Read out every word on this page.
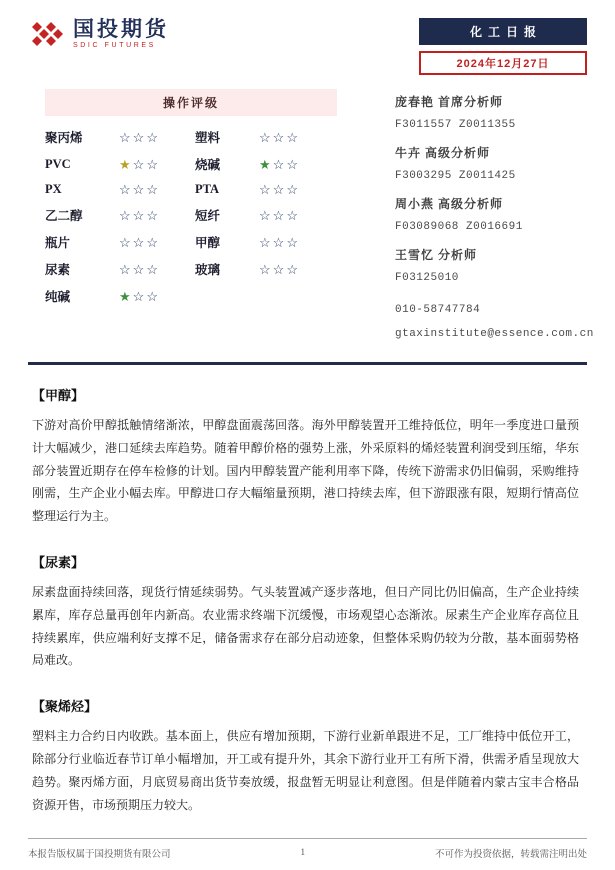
国投期货
SDIC FUTURES
化工日报
2024年12月27日
操作评级
聚丙烯	☆☆☆	塑料	☆☆☆
PVC	★☆☆	烧碱	★☆☆
PX	☆☆☆	PTA	☆☆☆
乙二醇	☆☆☆	短纤	☆☆☆
瓶片	☆☆☆	甲醇	☆☆☆
尿素	☆☆☆	玻璃	☆☆☆
纯碱	★☆☆
庞春艳 首席分析师
F3011557 Z0011355
牛卉 高级分析师
F3003295 Z0011425
周小燕 高级分析师
F03089068 Z0016691
王雪忆 分析师
F03125010
010-58747784
gtaxinstitute@essence.com.cn
【甲醇】
下游对高价甲醇抵触情绪渐浓，甲醇盘面震荡回落。海外甲醇装置开工维持低位，明年一季度进口量预计大幅减少，港口延续去库趋势。随着甲醇价格的强势上涨，外采原料的烯烃装置利润受到压缩，华东部分装置近期存在停车检修的计划。国内甲醇装置产能利用率下降，传统下游需求仍旧偏弱，采购维持刚需，生产企业小幅去库。甲醇进口存大幅缩量预期，港口持续去库，但下游跟涨有限，短期行情高位整理运行为主。
【尿素】
尿素盘面持续回落，现货行情延续弱势。气头装置减产逐步落地，但日产同比仍旧偏高，生产企业持续累库，库存总量再创年内新高。农业需求终端下沉缓慢，市场观望心态渐浓。尿素生产企业库存高位且持续累库，供应端利好支撑不足，储备需求存在部分启动迹象，但整体采购仍较为分散，基本面弱势格局难改。
【聚烯烃】
塑料主力合约日内收跌。基本面上，供应有增加预期，下游行业新单跟进不足，工厂维持中低位开工，除部分行业临近春节订单小幅增加，开工或有提升外，其余下游行业开工有所下滑，供需矛盾呈现放大趋势。聚丙烯方面，月底贸易商出货节奏放缓，报盘暂无明显让利意图。但是伴随着内蒙古宝丰合格品资源开售，市场预期压力较大。
本报告版权属于国投期货有限公司	1	不可作为投资依据，转载需注明出处
